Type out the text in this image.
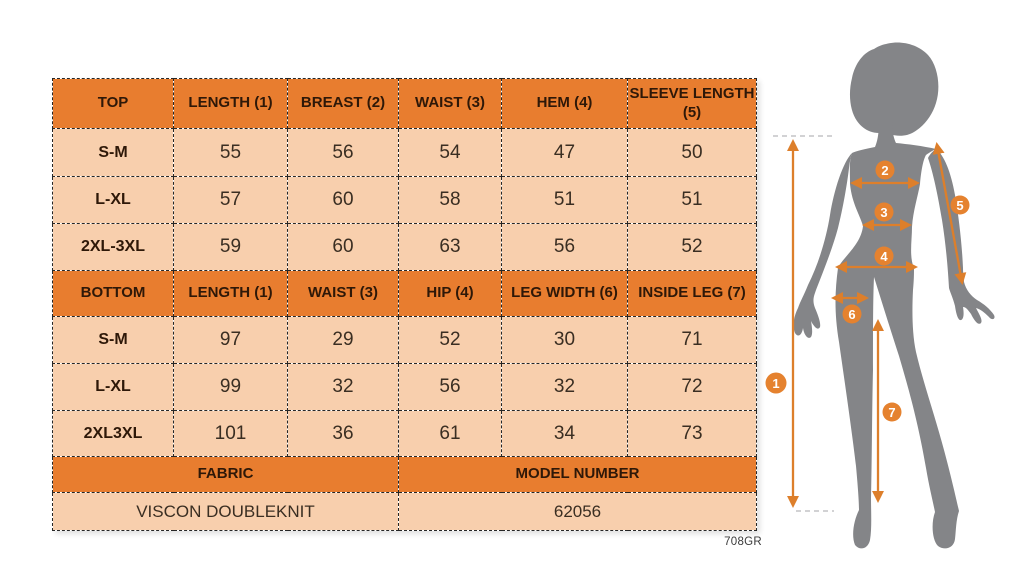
TOP	LENGTH (1)	BREAST (2)	WAIST (3)	HEM (4)	SLEEVE LENGTH (5)
S-M	55	56	54	47	50
L-XL	57	60	58	51	51
2XL-3XL	59	60	63	56	52
BOTTOM	LENGTH (1)	WAIST (3)	HIP (4)	LEG WIDTH (6)	INSIDE LEG (7)
S-M	97	29	52	30	71
L-XL	99	32	56	32	72
2XL3XL	101	36	61	34	73
FABRIC			MODEL NUMBER		
VISCON DOUBLEKNIT			62056		
708GR
1
2
3
4
5
6
7
